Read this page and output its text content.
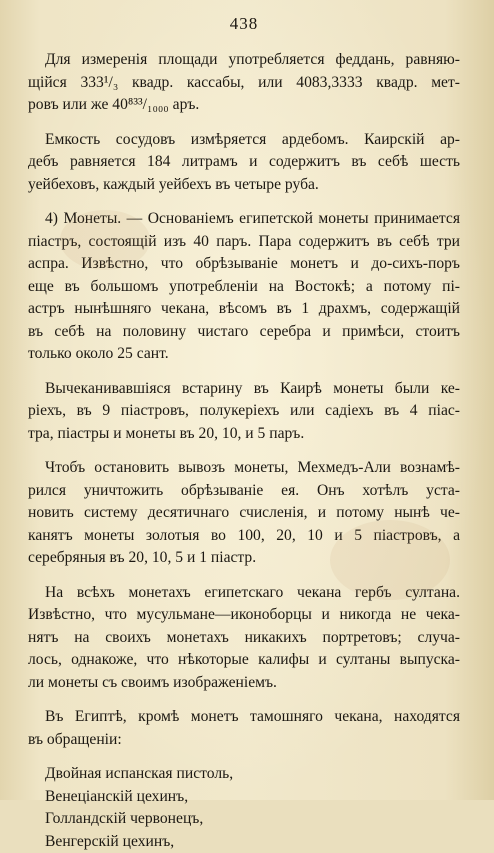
438
Для измеренія площади употребляется феддань, равняю-
щійся 333¹/₃ квадр. кассабы, или 4083,3333 квадр. мет-
ровъ или же 40⁸³³/₁₀₀₀ аръ.
Емкость сосудовъ измѣряется ардебомъ. Каирскій ар-
дебъ равняется 184 литрамъ и содержитъ въ себѣ шесть
уейбеховъ, каждый уейбехъ въ четыре руба.
4) Монеты. — Основаніемъ египетской монеты принимается
піастръ, состоящій изъ 40 паръ. Пара содержитъ въ себѣ три
аспра. Извѣстно, что обрѣзываніе монетъ и до-сихъ-поръ
еще въ большомъ употребленіи на Востокѣ; а потому пі-
астръ нынѣшняго чекана, вѣсомъ въ 1 драхмъ, содержащій
въ себѣ на половину чистаго серебра и примѣси, стоитъ
только около 25 сант.
Вычеканивавшіяся встарину въ Каирѣ монеты были ке-
ріехъ, въ 9 піастровъ, полукеріехъ или садіехъ въ 4 піас-
тра, піастры и монеты въ 20, 10, и 5 паръ.
Чтобъ остановить вывозъ монеты, Мехмедъ-Али вознамѣ-
рился уничтожить обрѣзываніе ея. Онъ хотѣлъ уста-
новить систему десятичнаго счисленія, и потому нынѣ че-
канятъ монеты золотыя во 100, 20, 10 и 5 піастровъ, а
серебряныя въ 20, 10, 5 и 1 піастр.
На всѣхъ монетахъ египетскаго чекана гербъ султана.
Извѣстно, что мусульмане—иконоборцы и никогда не чека-
нятъ на своихъ монетахъ никакихъ портретовъ; случа-
лось, однакоже, что нѣкоторые калифы и султаны выпуска-
ли монеты съ своимъ изображеніемъ.
Въ Египтѣ, кромѣ монетъ тамошняго чекана, находятся
въ обращеніи:
Двойная испанская пистоль,
Венеціанскій цехинъ,
Голландскій червонецъ,
Венгерскій цехинъ,
